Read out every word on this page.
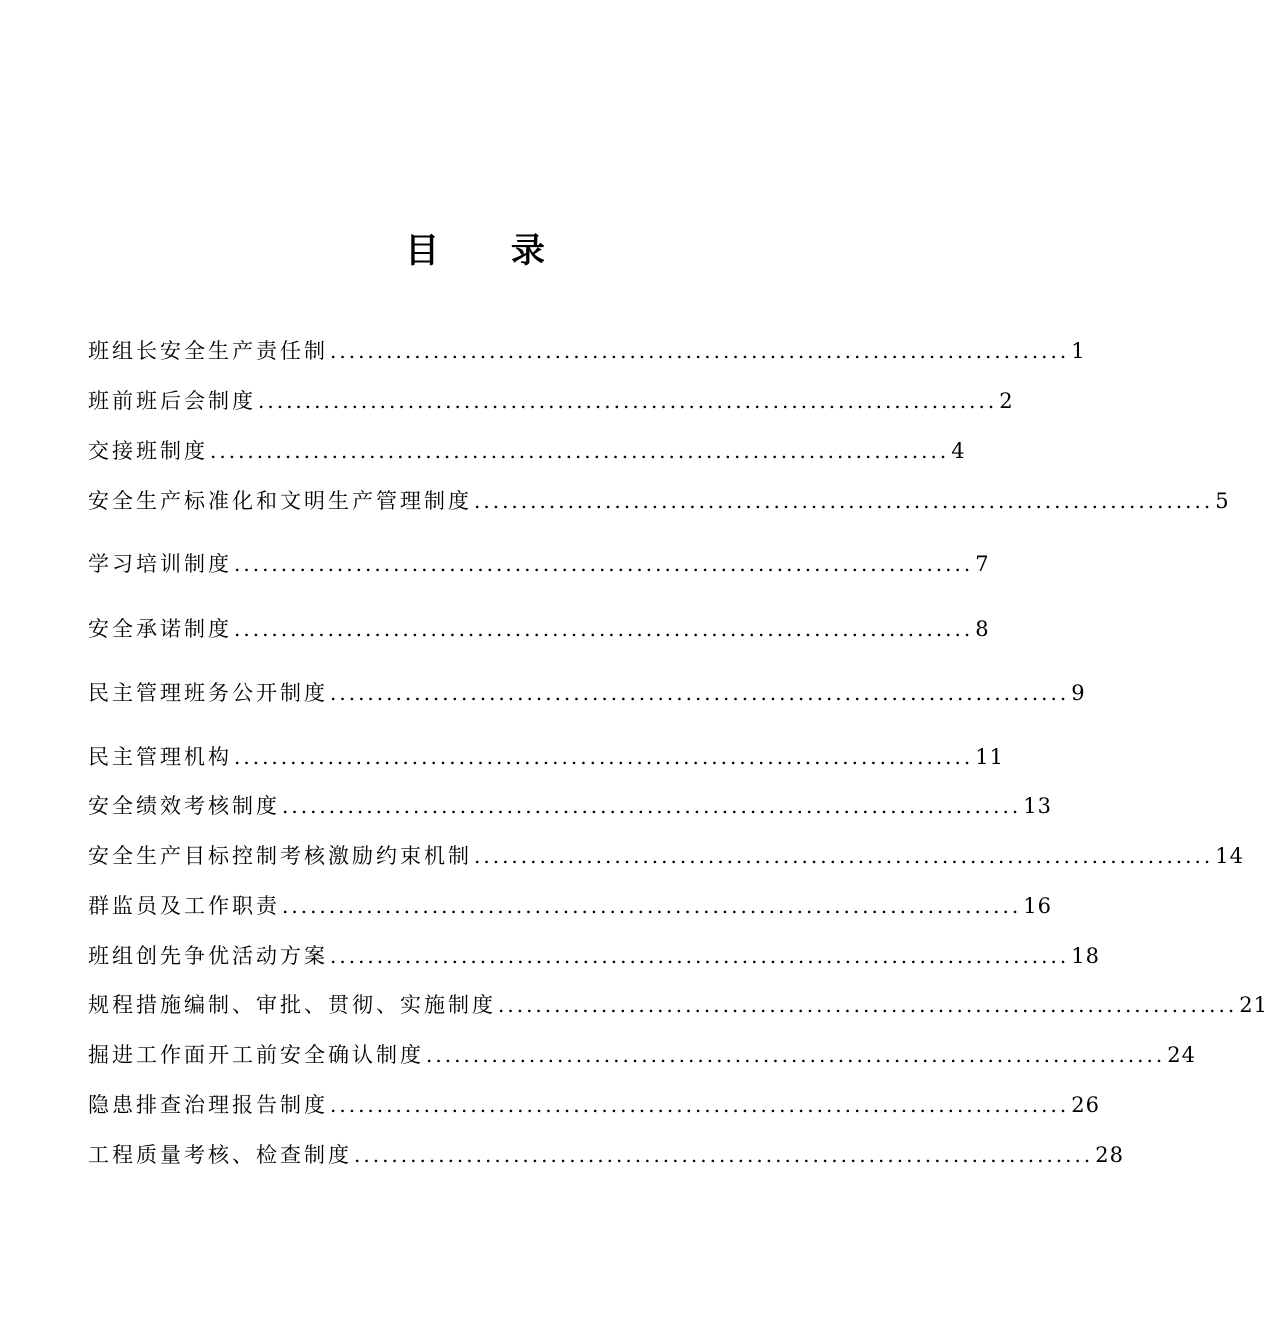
目 录
班组长安全生产责任制 ............................................................................... 1
班前班后会制度 ............................................................................... 2
交接班制度 ............................................................................... 4
安全生产标准化和文明生产管理制度 ............................................................................... 5
学习培训制度 ............................................................................... 7
安全承诺制度 ............................................................................... 8
民主管理班务公开制度 ............................................................................... 9
民主管理机构 ............................................................................... 11
安全绩效考核制度 ............................................................................... 13
安全生产目标控制考核激励约束机制 ............................................................................... 14
群监员及工作职责 ............................................................................... 16
班组创先争优活动方案 ............................................................................... 18
规程措施编制、审批、贯彻、实施制度 ............................................................................... 21
掘进工作面开工前安全确认制度 ............................................................................... 24
隐患排查治理报告制度 ............................................................................... 26
工程质量考核、检查制度 ............................................................................... 28
